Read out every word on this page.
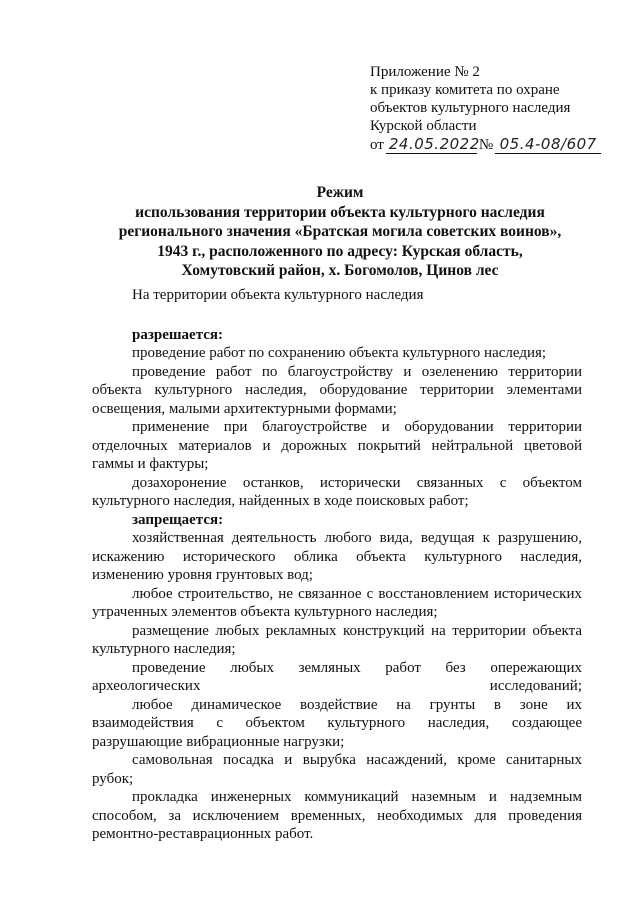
Приложение № 2
к приказу комитета по охране
объектов культурного наследия
Курской области
от 24.05.2022 № 05.4-08/607
Режим
использования территории объекта культурного наследия
регионального значения «Братская могила советских воинов»,
1943 г., расположенного по адресу: Курская область,
Хомутовский район, х. Богомолов, Цинов лес
На территории объекта культурного наследия
разрешается:
проведение работ по сохранению объекта культурного наследия;
проведение работ по благоустройству и озеленению территории объекта культурного наследия, оборудование территории элементами освещения, малыми архитектурными формами;
применение при благоустройстве и оборудовании территории отделочных материалов и дорожных покрытий нейтральной цветовой гаммы и фактуры;
дозахоронение останков, исторически связанных с объектом культурного наследия, найденных в ходе поисковых работ;
запрещается:
хозяйственная деятельность любого вида, ведущая к разрушению, искажению исторического облика объекта культурного наследия, изменению уровня грунтовых вод;
любое строительство, не связанное с восстановлением исторических утраченных элементов объекта культурного наследия;
размещение любых рекламных конструкций на территории объекта культурного наследия;
проведение любых земляных работ без опережающих археологических исследований;
любое динамическое воздействие на грунты в зоне их взаимодействия с объектом культурного наследия, создающее разрушающие вибрационные нагрузки;
самовольная посадка и вырубка насаждений, кроме санитарных рубок;
прокладка инженерных коммуникаций наземным и надземным способом, за исключением временных, необходимых для проведения ремонтно-реставрационных работ.
